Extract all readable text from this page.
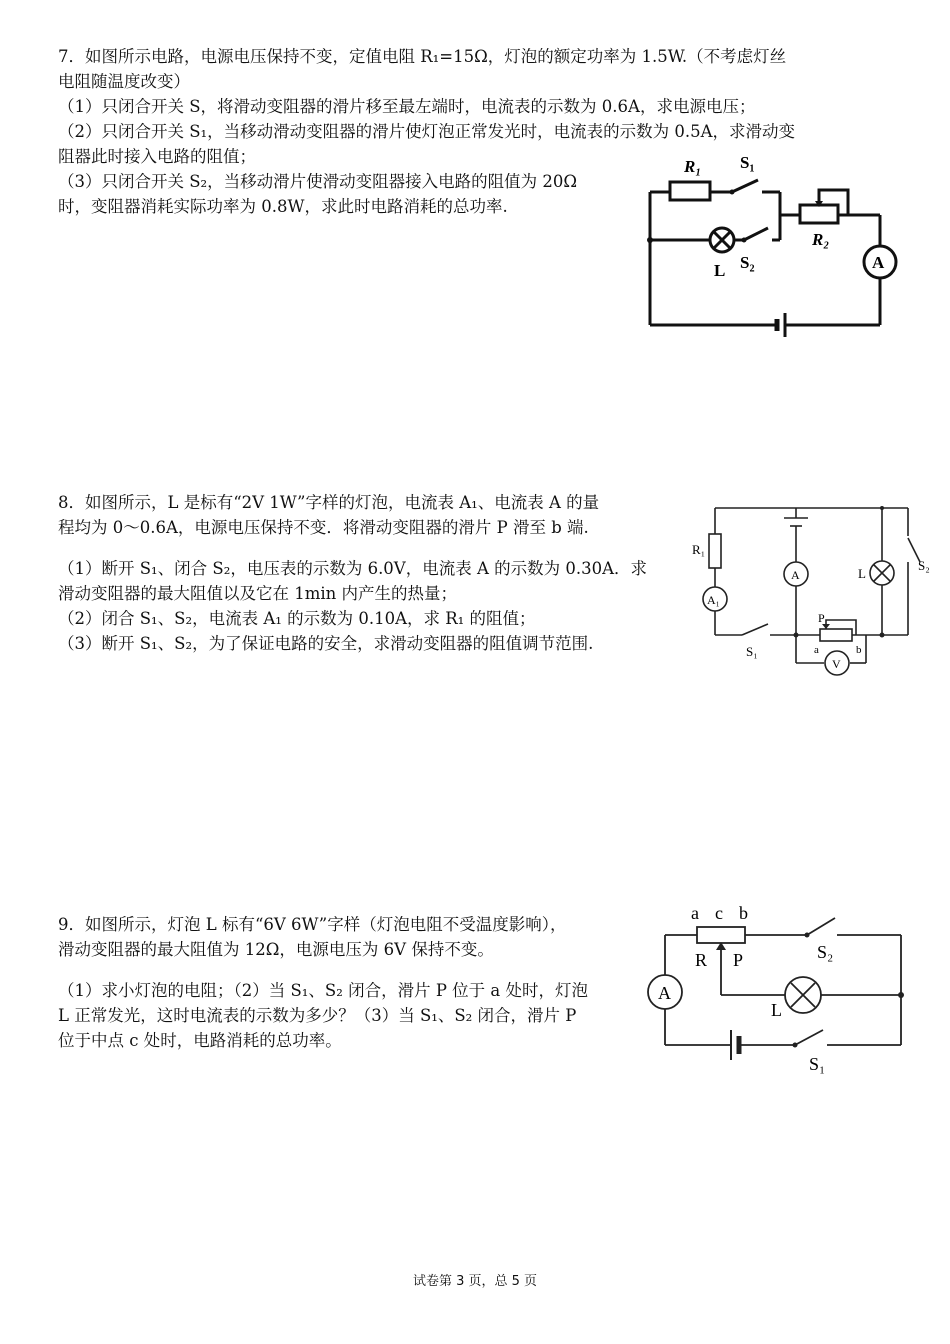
7．如图所示电路，电源电压保持不变，定值电阻 R₁=15Ω，灯泡的额定功率为 1.5W.（不考虑灯丝

电阻随温度改变）

（1）只闭合开关 S，将滑动变阻器的滑片移至最左端时，电流表的示数为 0.6A，求电源电压；

（2）只闭合开关 S₁，当移动滑动变阻器的滑片使灯泡正常发光时，电流表的示数为 0.5A，求滑动变

阻器此时接入电路的阻值；

（3）只闭合开关 S₂，当移动滑片使滑动变阻器接入电路的阻值为 20Ω

时，变阻器消耗实际功率为 0.8W，求此时电路消耗的总功率.

R₁ S₁
R₂
L S₂	A

8．如图所示，L 是标有“2V 1W”字样的灯泡，电流表 A₁、电流表 A 的量

程均为 0～0.6A，电源电压保持不变．将滑动变阻器的滑片 P 滑至 b 端.

（1）断开 S₁、闭合 S₂，电压表的示数为 6.0V，电流表 A 的示数为 0.30A．求

滑动变阻器的最大阻值以及它在 1min 内产生的热量；

（2）闭合 S₁、S₂，电流表 A₁ 的示数为 0.10A，求 R₁ 的阻值；

（3）断开 S₁、S₂，为了保证电路的安全，求滑动变阻器的阻值调节范围.

R₁
A₁
A	L
S₂
S₁
P
a	b
V

9．如图所示，灯泡 L 标有“6V 6W”字样（灯泡电阻不受温度影响），

滑动变阻器的最大阻值为 12Ω，电源电压为 6V 保持不变。

（1）求小灯泡的电阻；（2）当 S₁、S₂ 闭合，滑片 P 位于 a 处时，灯泡

L 正常发光，这时电流表的示数为多少？（3）当 S₁、S₂ 闭合，滑片 P

位于中点 c 处时，电路消耗的总功率。

a c b
R P	S₂
A
L
S₁
试卷第 3 页，总 5 页
